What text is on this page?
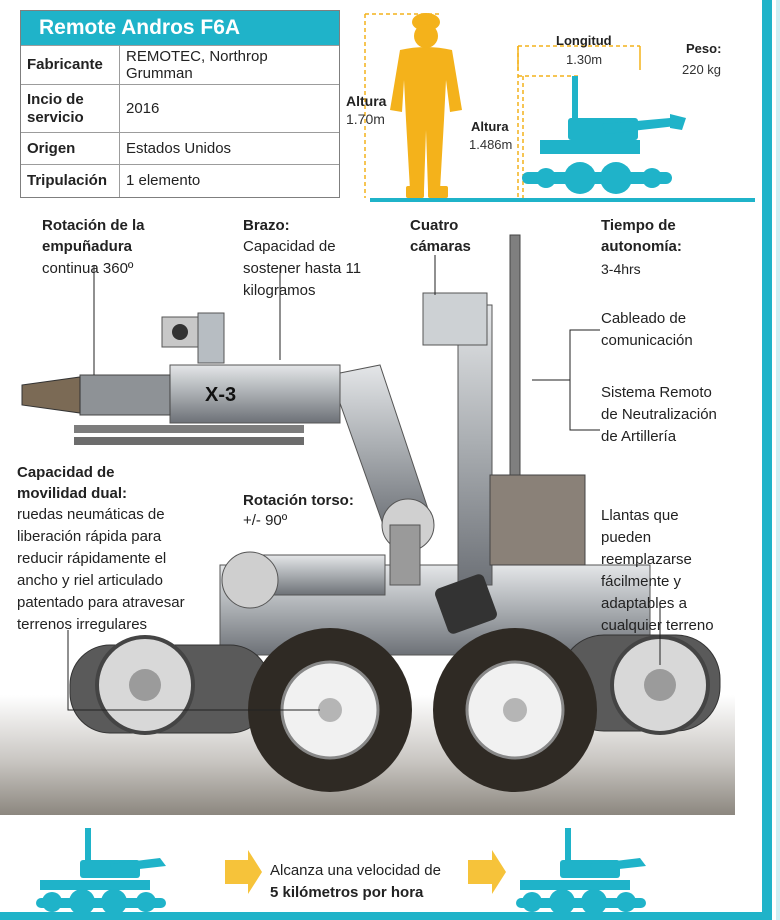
Remote Andros F6A
Fabricante	REMOTEC, Northrop Grumman
Incio de servicio	2016
Origen	Estados Unidos
Tripulación	1 elemento
Altura
1.70m
Longitud
1.30m
Altura
1.486m
Peso:
220 kg
X-3
Rotación de la empuñadura
continua 360º
Brazo:
Capacidad de sostener hasta 11 kilogramos
Cuatro cámaras
Tiempo de autonomía:
3-4hrs
Cableado de comunicación
Sistema Remoto de Neutralización de Artillería
Capacidad de movilidad dual:
ruedas neumáticas de liberación rápida para reducir rápidamente el ancho y riel articulado patentado para atravesar terrenos irregulares
Rotación torso:
+/- 90º	Llantas que pueden reemplazarse fácilmente y adaptables a cualquier terreno
Alcanza una velocidad de
5 kilómetros por hora
